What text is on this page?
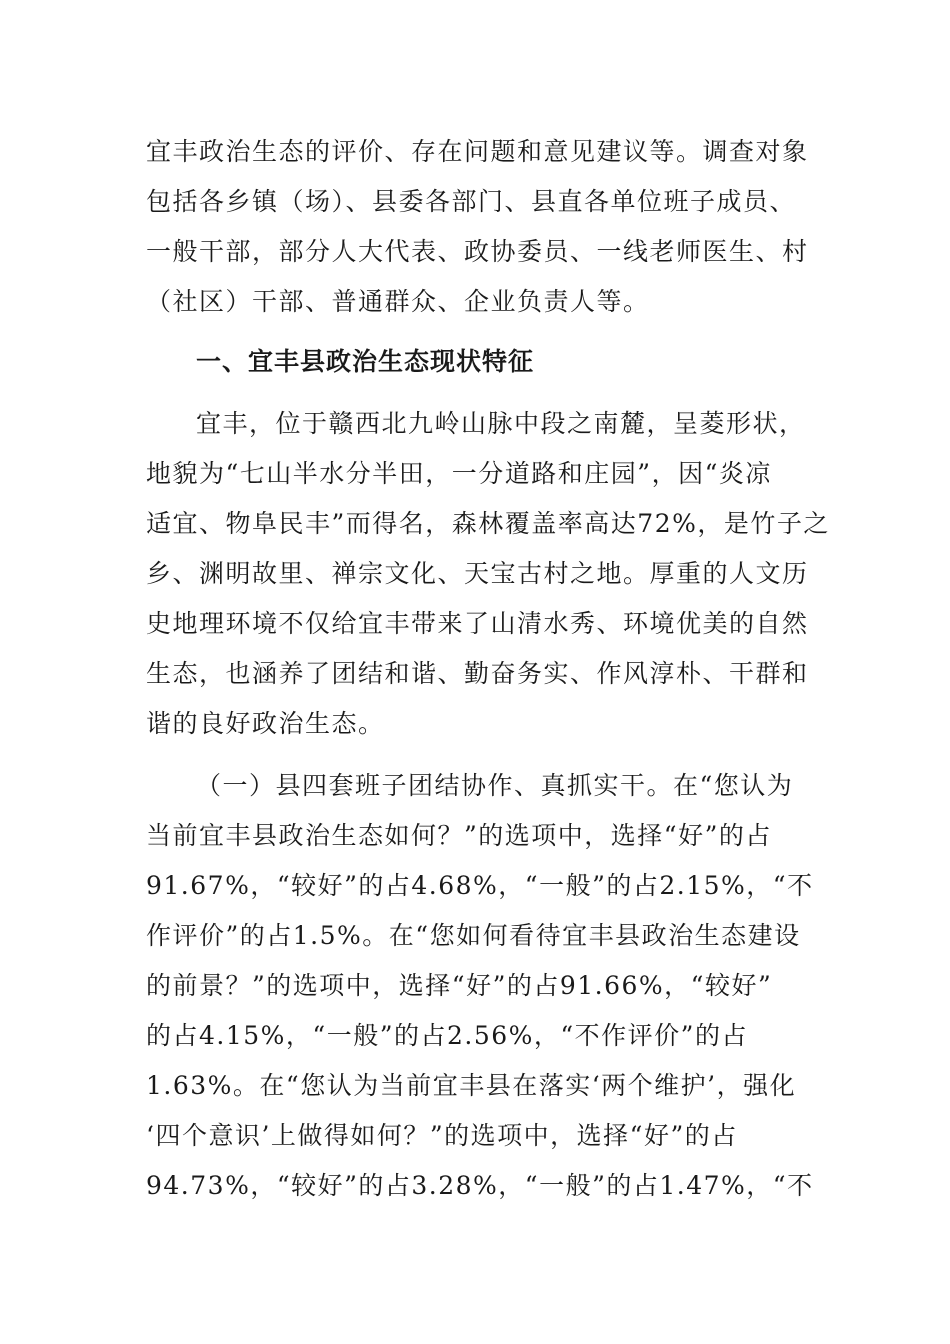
宜丰政治生态的评价、存在问题和意见建议等。调查对象
包括各乡镇（场）、县委各部门、县直各单位班子成员、
一般干部，部分人大代表、政协委员、一线老师医生、村
（社区）干部、普通群众、企业负责人等。
一、宜丰县政治生态现状特征
宜丰，位于赣西北九岭山脉中段之南麓，呈菱形状，
地貌为“七山半水分半田，一分道路和庄园”，因“炎凉
适宜、物阜民丰”而得名，森林覆盖率高达72%，是竹子之
乡、渊明故里、禅宗文化、天宝古村之地。厚重的人文历
史地理环境不仅给宜丰带来了山清水秀、环境优美的自然
生态，也涵养了团结和谐、勤奋务实、作风淳朴、干群和
谐的良好政治生态。
（一）县四套班子团结协作、真抓实干。在“您认为
当前宜丰县政治生态如何？”的选项中，选择“好”的占
91.67%，“较好”的占4.68%，“一般”的占2.15%，“不
作评价”的占1.5%。在“您如何看待宜丰县政治生态建设
的前景？”的选项中，选择“好”的占91.66%，“较好”
的占4.15%，“一般”的占2.56%，“不作评价”的占
1.63%。在“您认为当前宜丰县在落实‘两个维护’，强化
‘四个意识’上做得如何？”的选项中，选择“好”的占
94.73%，“较好”的占3.28%，“一般”的占1.47%，“不
